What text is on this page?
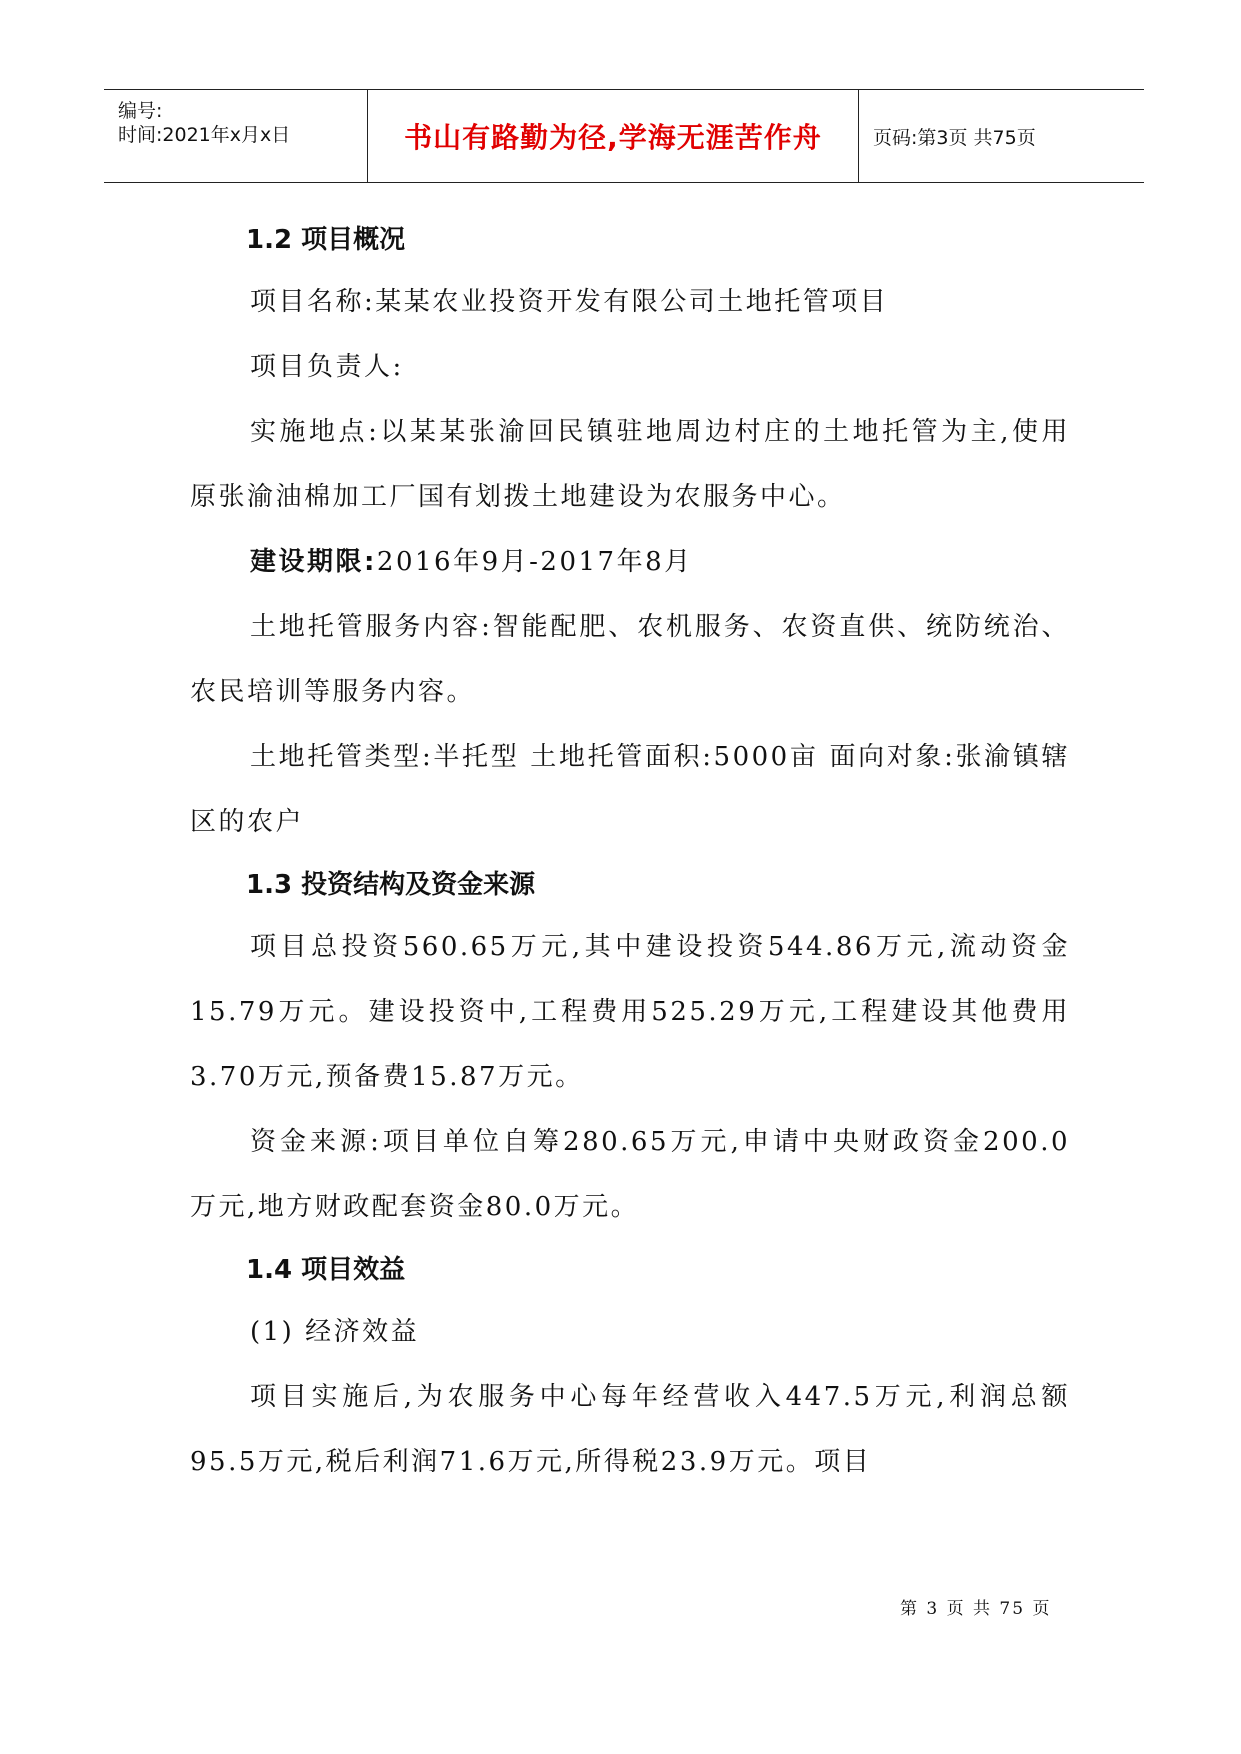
编号:
时间:2021年x月x日	书山有路勤为径,学海无涯苦作舟	页码:第3页 共75页
1.2 项目概况

项目名称:某某农业投资开发有限公司土地托管项目

项目负责人:

实施地点:以某某张渝回民镇驻地周边村庄的土地托管为主,使用原张渝油棉加工厂国有划拨土地建设为农服务中心。

建设期限:2016年9月-2017年8月

土地托管服务内容:智能配肥、农机服务、农资直供、统防统治、农民培训等服务内容。

土地托管类型:半托型 土地托管面积:5000亩 面向对象:张渝镇辖区的农户

1.3 投资结构及资金来源

项目总投资560.65万元,其中建设投资544.86万元,流动资金 15.79万元。建设投资中,工程费用525.29万元,工程建设其他费用 3.70万元,预备费15.87万元。

资金来源:项目单位自筹280.65万元,申请中央财政资金200.0 万元,地方财政配套资金80.0万元。

1.4 项目效益

(1) 经济效益

项目实施后,为农服务中心每年经营收入447.5万元,利润总额 95.5万元,税后利润71.6万元,所得税23.9万元。项目

第 3 页 共 75 页
